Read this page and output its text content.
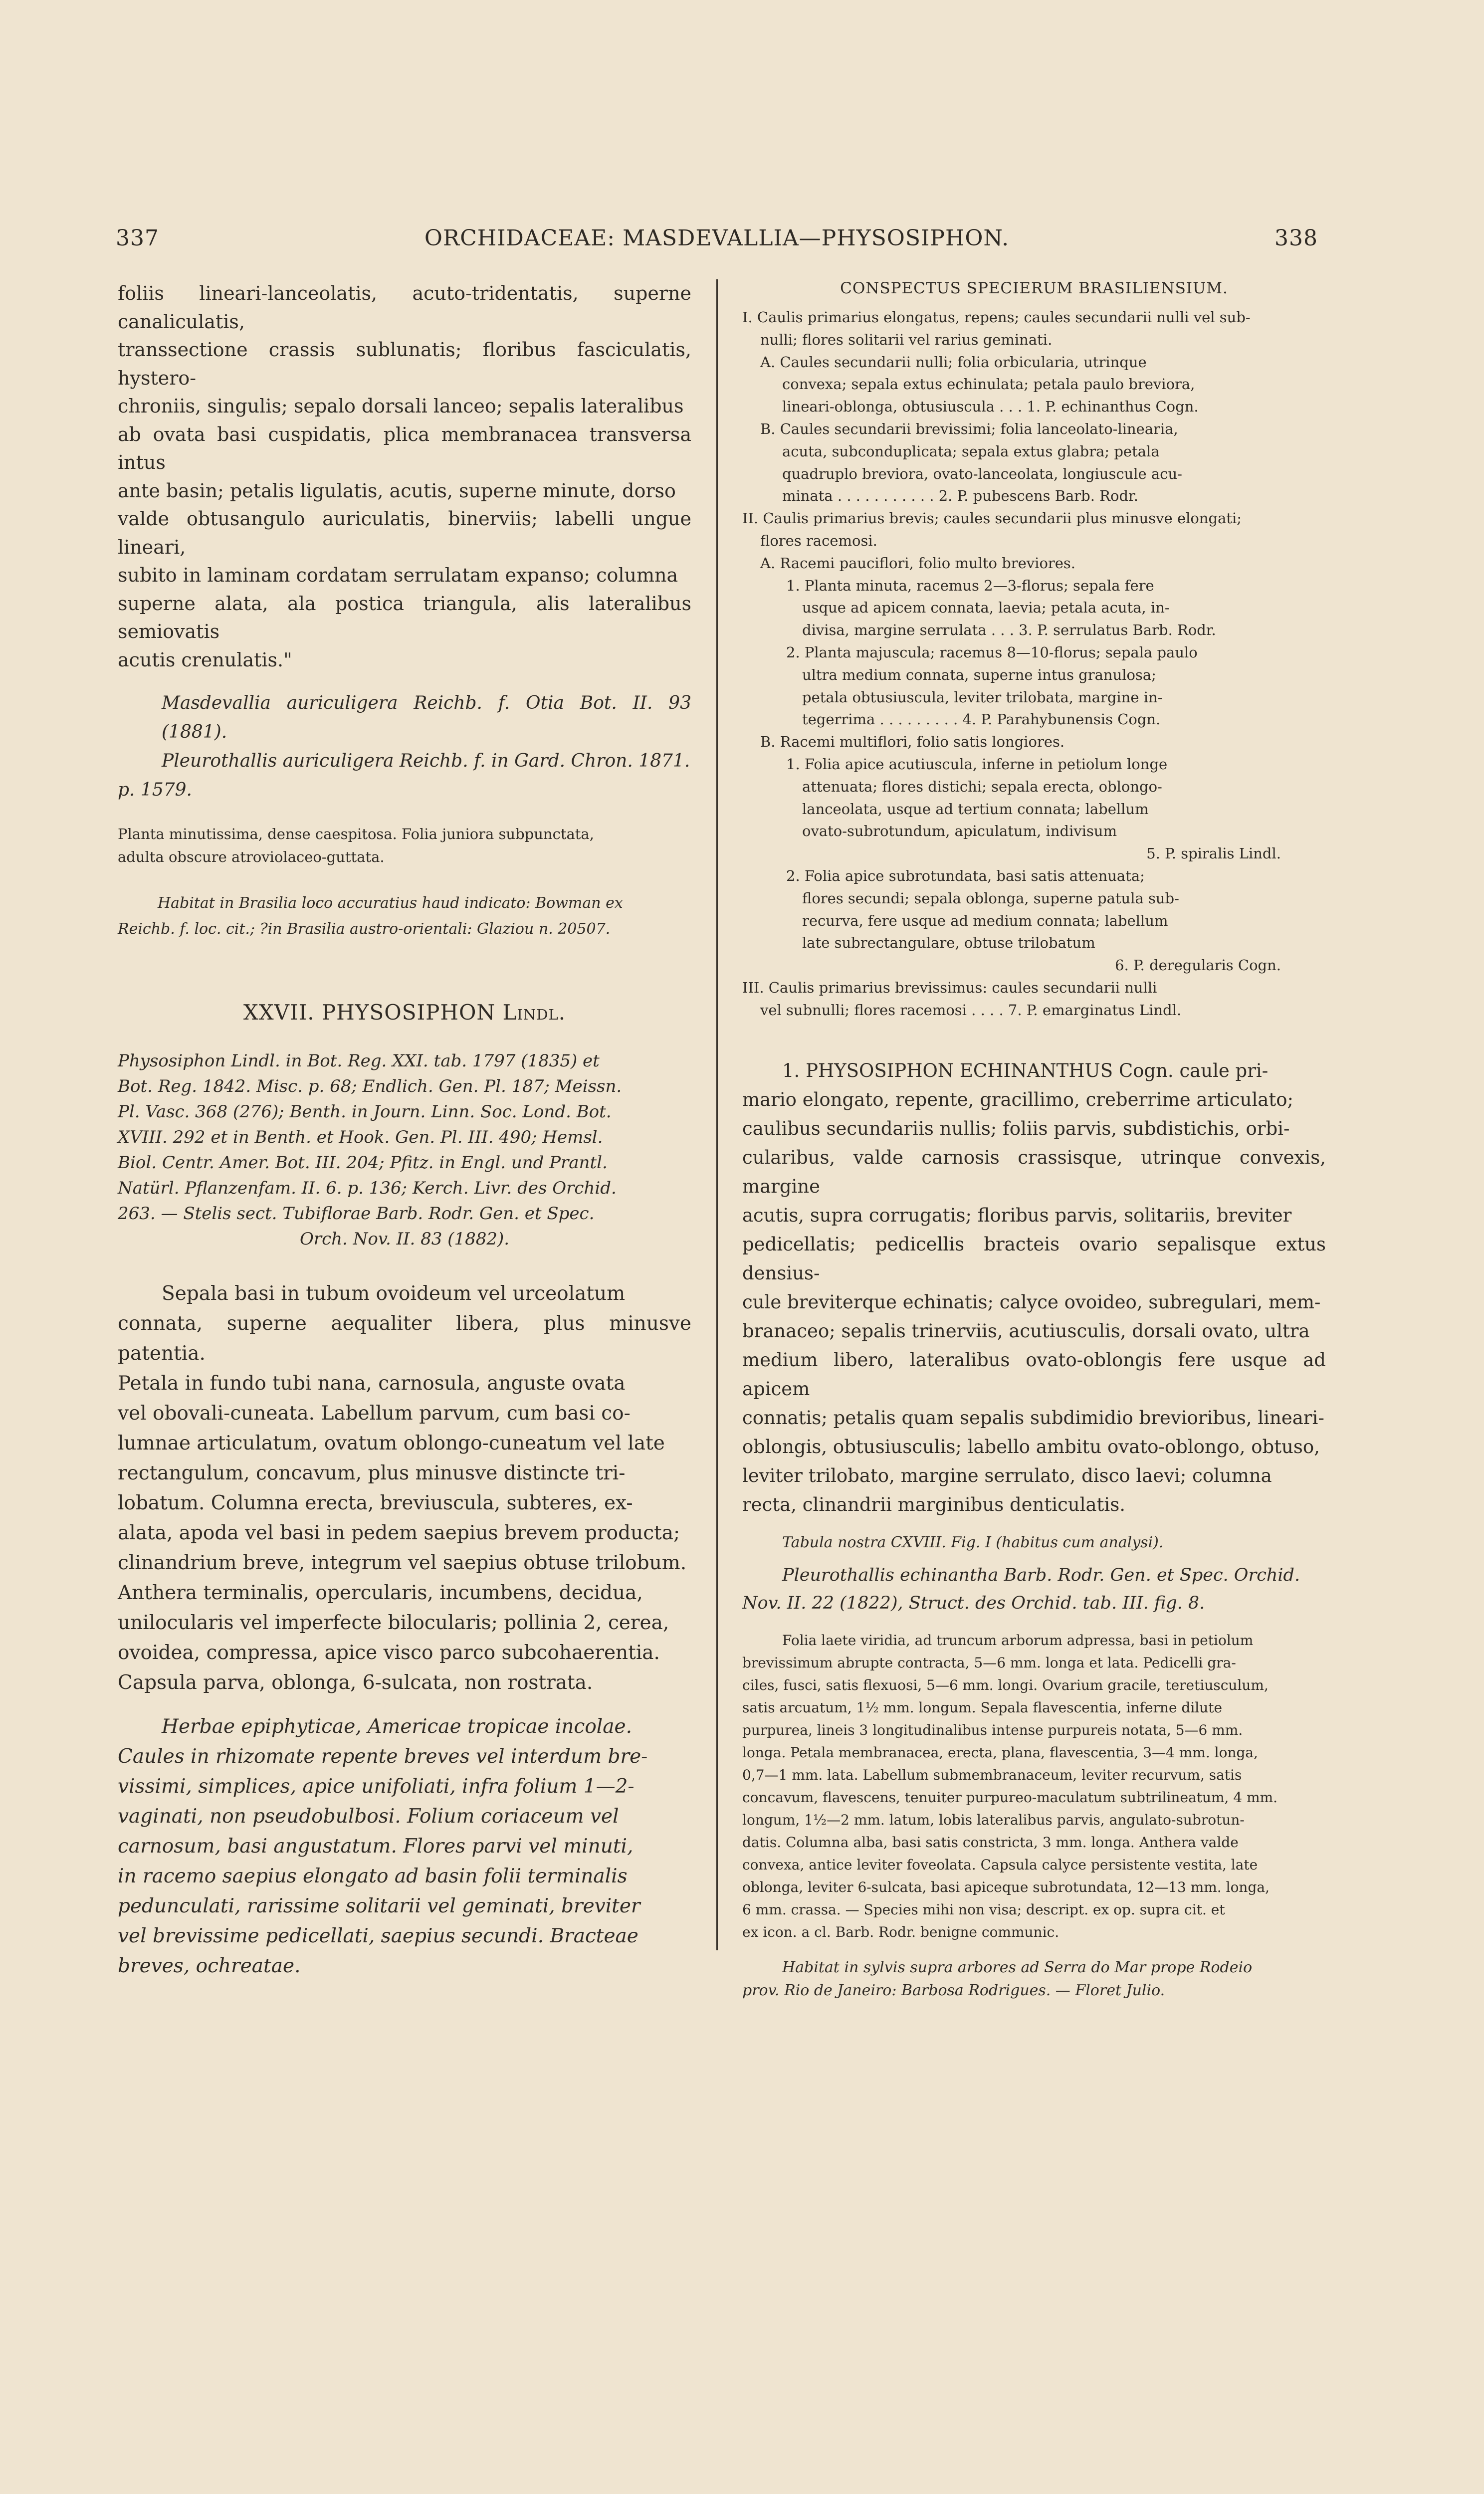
337	ORCHIDACEAE: MASDEVALLIA—PHYSOSIPHON.	338
foliis lineari-lanceolatis, acuto-tridentatis, superne canaliculatis,
transsectione crassis sublunatis; floribus fasciculatis, hystero-
chroniis, singulis; sepalo dorsali lanceo; sepalis lateralibus
ab ovata basi cuspidatis, plica membranacea transversa intus
ante basin; petalis ligulatis, acutis, superne minute, dorso
valde obtusangulo auriculatis, binerviis; labelli ungue lineari,
subito in laminam cordatam serrulatam expanso; columna
superne alata, ala postica triangula, alis lateralibus semiovatis
acutis crenulatis."
Masdevallia auriculigera Reichb. f. Otia Bot. II. 93 (1881).
Pleurothallis auriculigera Reichb. f. in Gard. Chron. 1871.
p. 1579.
Planta minutissima, dense caespitosa. Folia juniora subpunctata,
adulta obscure atroviolaceo-guttata.
Habitat in Brasilia loco accuratius haud indicato: Bowman ex
Reichb. f. loc. cit.; ?in Brasilia austro-orientali: Glaziou n. 20507.
XXVII. PHYSOSIPHON Lindl.
Physosiphon Lindl. in Bot. Reg. XXI. tab. 1797 (1835) et
Bot. Reg. 1842. Misc. p. 68; Endlich. Gen. Pl. 187; Meissn.
Pl. Vasc. 368 (276); Benth. in Journ. Linn. Soc. Lond. Bot.
XVIII. 292 et in Benth. et Hook. Gen. Pl. III. 490; Hemsl.
Biol. Centr. Amer. Bot. III. 204; Pfitz. in Engl. und Prantl.
Natürl. Pflanzenfam. II. 6. p. 136; Kerch. Livr. des Orchid.
263. — Stelis sect. Tubiflorae Barb. Rodr. Gen. et Spec.
Orch. Nov. II. 83 (1882).
Sepala basi in tubum ovoideum vel urceolatum
connata, superne aequaliter libera, plus minusve patentia.
Petala in fundo tubi nana, carnosula, anguste ovata
vel obovali-cuneata. Labellum parvum, cum basi co-
lumnae articulatum, ovatum oblongo-cuneatum vel late
rectangulum, concavum, plus minusve distincte tri-
lobatum. Columna erecta, breviuscula, subteres, ex-
alata, apoda vel basi in pedem saepius brevem producta;
clinandrium breve, integrum vel saepius obtuse trilobum.
Anthera terminalis, opercularis, incumbens, decidua,
unilocularis vel imperfecte bilocularis; pollinia 2, cerea,
ovoidea, compressa, apice visco parco subcohaerentia.
Capsula parva, oblonga, 6-sulcata, non rostrata.
Herbae epiphyticae, Americae tropicae incolae.
Caules in rhizomate repente breves vel interdum bre-
vissimi, simplices, apice unifoliati, infra folium 1—2-
vaginati, non pseudobulbosi. Folium coriaceum vel
carnosum, basi angustatum. Flores parvi vel minuti,
in racemo saepius elongato ad basin folii terminalis
pedunculati, rarissime solitarii vel geminati, breviter
vel brevissime pedicellati, saepius secundi. Bracteae
breves, ochreatae.
CONSPECTUS SPECIERUM BRASILIENSIUM.
I. Caulis primarius elongatus, repens; caules secundarii nulli vel sub-
nulli; flores solitarii vel rarius geminati.
A. Caules secundarii nulli; folia orbicularia, utrinque
convexa; sepala extus echinulata; petala paulo breviora,
lineari-oblonga, obtusiuscula . . . 1. P. echinanthus Cogn.
B. Caules secundarii brevissimi; folia lanceolato-linearia,
acuta, subconduplicata; sepala extus glabra; petala
quadruplo breviora, ovato-lanceolata, longiuscule acu-
minata . . . . . . . . . . . 2. P. pubescens Barb. Rodr.
II. Caulis primarius brevis; caules secundarii plus minusve elongati;
flores racemosi.
A. Racemi pauciflori, folio multo breviores.
1. Planta minuta, racemus 2—3-florus; sepala fere
usque ad apicem connata, laevia; petala acuta, in-
divisa, margine serrulata . . . 3. P. serrulatus Barb. Rodr.
2. Planta majuscula; racemus 8—10-florus; sepala paulo
ultra medium connata, superne intus granulosa;
petala obtusiuscula, leviter trilobata, margine in-
tegerrima . . . . . . . . . 4. P. Parahybunensis Cogn.
B. Racemi multiflori, folio satis longiores.
1. Folia apice acutiuscula, inferne in petiolum longe
attenuata; flores distichi; sepala erecta, oblongo-
lanceolata, usque ad tertium connata; labellum
ovato-subrotundum, apiculatum, indivisum
5. P. spiralis Lindl.
2. Folia apice subrotundata, basi satis attenuata;
flores secundi; sepala oblonga, superne patula sub-
recurva, fere usque ad medium connata; labellum
late subrectangulare, obtuse trilobatum
6. P. deregularis Cogn.
III. Caulis primarius brevissimus: caules secundarii nulli
vel subnulli; flores racemosi . . . . 7. P. emarginatus Lindl.
1. PHYSOSIPHON ECHINANTHUS Cogn. caule pri-
mario elongato, repente, gracillimo, creberrime articulato;
caulibus secundariis nullis; foliis parvis, subdistichis, orbi-
cularibus, valde carnosis crassisque, utrinque convexis, margine
acutis, supra corrugatis; floribus parvis, solitariis, breviter
pedicellatis; pedicellis bracteis ovario sepalisque extus densius-
cule breviterque echinatis; calyce ovoideo, subregulari, mem-
branaceo; sepalis trinerviis, acutiusculis, dorsali ovato, ultra
medium libero, lateralibus ovato-oblongis fere usque ad apicem
connatis; petalis quam sepalis subdimidio brevioribus, lineari-
oblongis, obtusiusculis; labello ambitu ovato-oblongo, obtuso,
leviter trilobato, margine serrulato, disco laevi; columna
recta, clinandrii marginibus denticulatis.
Tabula nostra CXVIII. Fig. I (habitus cum analysi).
Pleurothallis echinantha Barb. Rodr. Gen. et Spec. Orchid.
Nov. II. 22 (1822), Struct. des Orchid. tab. III. fig. 8.
Folia laete viridia, ad truncum arborum adpressa, basi in petiolum
brevissimum abrupte contracta, 5—6 mm. longa et lata. Pedicelli gra-
ciles, fusci, satis flexuosi, 5—6 mm. longi. Ovarium gracile, teretiusculum,
satis arcuatum, 1½ mm. longum. Sepala flavescentia, inferne dilute
purpurea, lineis 3 longitudinalibus intense purpureis notata, 5—6 mm.
longa. Petala membranacea, erecta, plana, flavescentia, 3—4 mm. longa,
0,7—1 mm. lata. Labellum submembranaceum, leviter recurvum, satis
concavum, flavescens, tenuiter purpureo-maculatum subtrilineatum, 4 mm.
longum, 1½—2 mm. latum, lobis lateralibus parvis, angulato-subrotun-
datis. Columna alba, basi satis constricta, 3 mm. longa. Anthera valde
convexa, antice leviter foveolata. Capsula calyce persistente vestita, late
oblonga, leviter 6-sulcata, basi apiceque subrotundata, 12—13 mm. longa,
6 mm. crassa. — Species mihi non visa; descript. ex op. supra cit. et
ex icon. a cl. Barb. Rodr. benigne communic.
Habitat in sylvis supra arbores ad Serra do Mar prope Rodeio
prov. Rio de Janeiro: Barbosa Rodrigues. — Floret Julio.
